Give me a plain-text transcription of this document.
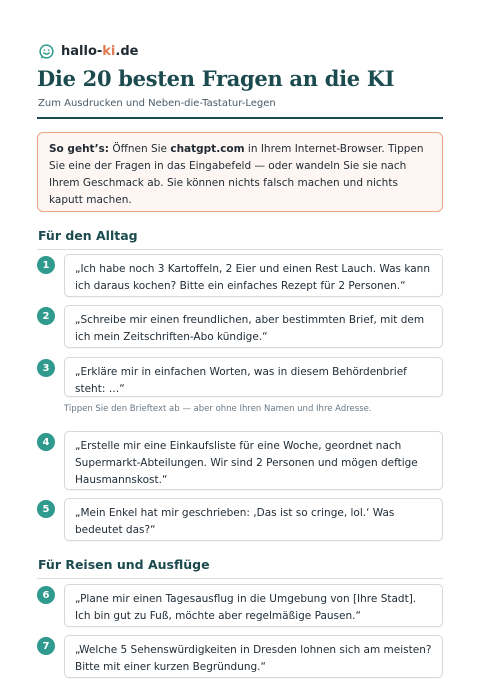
hallo-ki.de
Die 20 besten Fragen an die KI
Zum Ausdrucken und Neben-die-Tastatur-Legen
So geht’s: Öffnen Sie chatgpt.com in Ihrem Internet-Browser. Tippen Sie eine der Fragen in das Eingabefeld — oder wandeln Sie sie nach Ihrem Geschmack ab. Sie können nichts falsch machen und nichts kaputt machen.
Für den Alltag
1	„Ich habe noch 3 Kartoffeln, 2 Eier und einen Rest Lauch. Was kann ich daraus kochen? Bitte ein einfaches Rezept für 2 Personen.“
2	„Schreibe mir einen freundlichen, aber bestimmten Brief, mit dem ich mein Zeitschriften-Abo kündige.“
3	„Erkläre mir in einfachen Worten, was in diesem Behördenbrief steht: …“
Tippen Sie den Brieftext ab — aber ohne Ihren Namen und Ihre Adresse.
4	„Erstelle mir eine Einkaufsliste für eine Woche, geordnet nach Supermarkt-Abteilungen. Wir sind 2 Personen und mögen deftige Hausmannskost.“
5	„Mein Enkel hat mir geschrieben: ‚Das ist so cringe, lol.‘ Was bedeutet das?“
Für Reisen und Ausflüge
6	„Plane mir einen Tagesausflug in die Umgebung von [Ihre Stadt]. Ich bin gut zu Fuß, möchte aber regelmäßige Pausen.“
7	„Welche 5 Sehenswürdigkeiten in Dresden lohnen sich am meisten? Bitte mit einer kurzen Begründung.“
